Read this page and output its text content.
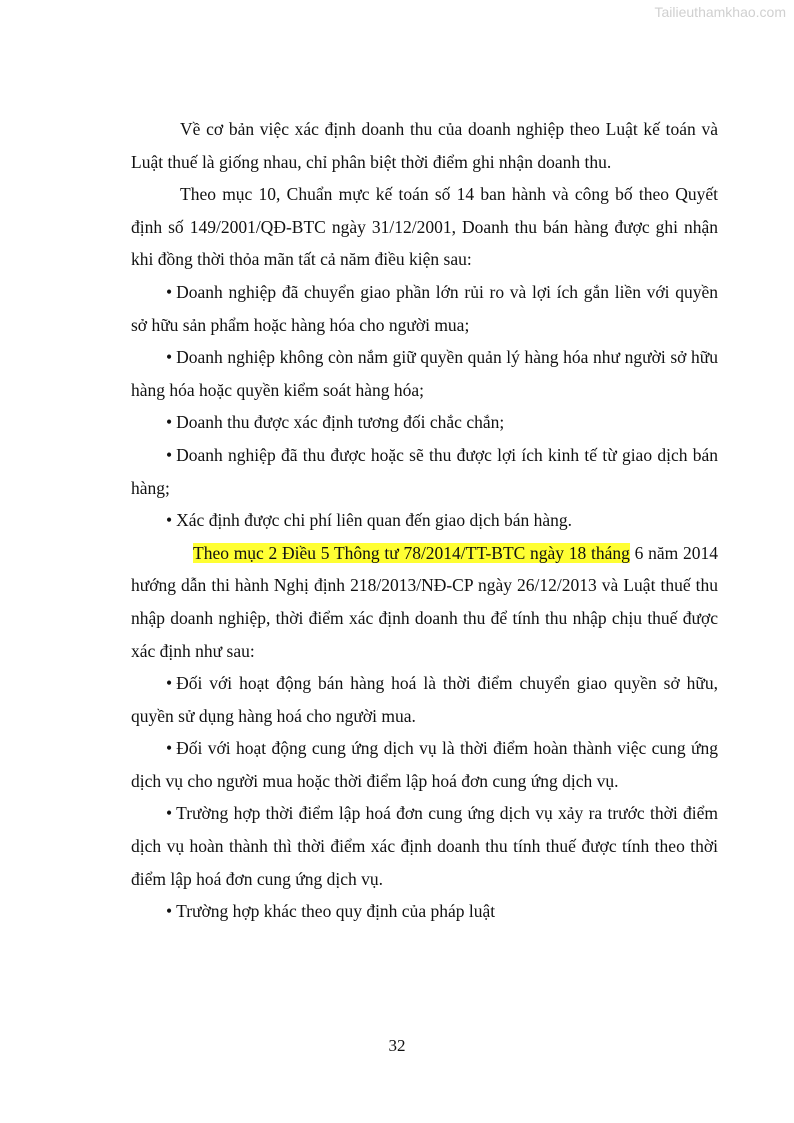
Tailieuthamkhao.com

Về cơ bản việc xác định doanh thu của doanh nghiệp theo Luật kế toán và Luật thuế là giống nhau, chỉ phân biệt thời điểm ghi nhận doanh thu.

Theo mục 10, Chuẩn mực kế toán số 14 ban hành và công bố theo Quyết định số 149/2001/QĐ-BTC ngày 31/12/2001, Doanh thu bán hàng được ghi nhận khi đồng thời thỏa mãn tất cả năm điều kiện sau:

• Doanh nghiệp đã chuyển giao phần lớn rủi ro và lợi ích gắn liền với quyền sở hữu sản phẩm hoặc hàng hóa cho người mua;

• Doanh nghiệp không còn nắm giữ quyền quản lý hàng hóa như người sở hữu hàng hóa hoặc quyền kiểm soát hàng hóa;

• Doanh thu được xác định tương đối chắc chắn;

• Doanh nghiệp đã thu được hoặc sẽ thu được lợi ích kinh tế từ giao dịch bán hàng;

• Xác định được chi phí liên quan đến giao dịch bán hàng.

Theo mục 2 Điều 5 Thông tư 78/2014/TT-BTC ngày 18 tháng 6 năm 2014 hướng dẫn thi hành Nghị định 218/2013/NĐ-CP ngày 26/12/2013 và Luật thuế thu nhập doanh nghiệp, thời điểm xác định doanh thu để tính thu nhập chịu thuế được xác định như sau:

• Đối với hoạt động bán hàng hoá là thời điểm chuyển giao quyền sở hữu, quyền sử dụng hàng hoá cho người mua.

• Đối với hoạt động cung ứng dịch vụ là thời điểm hoàn thành việc cung ứng dịch vụ cho người mua hoặc thời điểm lập hoá đơn cung ứng dịch vụ.

• Trường hợp thời điểm lập hoá đơn cung ứng dịch vụ xảy ra trước thời điểm dịch vụ hoàn thành thì thời điểm xác định doanh thu tính thuế được tính theo thời điểm lập hoá đơn cung ứng dịch vụ.

• Trường hợp khác theo quy định của pháp luật

32
